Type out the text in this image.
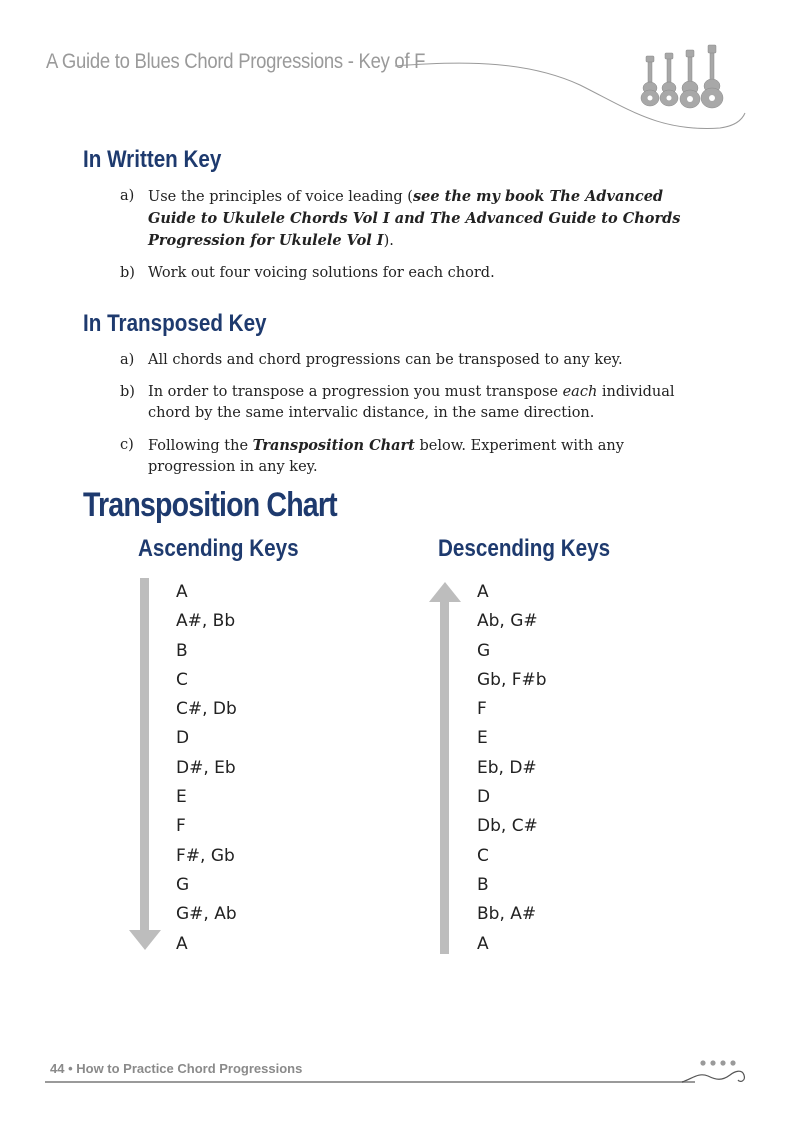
A Guide to Blues Chord Progressions - Key of F
In Written Key
a) Use the principles of voice leading (see the my book The Advanced Guide to Ukulele Chords Vol I and The Advanced Guide to Chords Progression for Ukulele Vol I).
b) Work out four voicing solutions for each chord.
In Transposed Key
a) All chords and chord progressions can be transposed to any key.
b) In order to transpose a progression you must transpose each individual chord by the same intervalic distance, in the same direction.
c) Following the Transposition Chart below. Experiment with any progression in any key.
Transposition Chart
Ascending Keys	Descending Keys
A
A#, Bb
B
C
C#, Db
D
D#, Eb
E
F
F#, Gb
G
G#, Ab
A
A
Ab, G#
G
Gb, F#b
F
E
Eb, D#
D
Db, C#
C
B
Bb, A#
A
44 • How to Practice Chord Progressions
